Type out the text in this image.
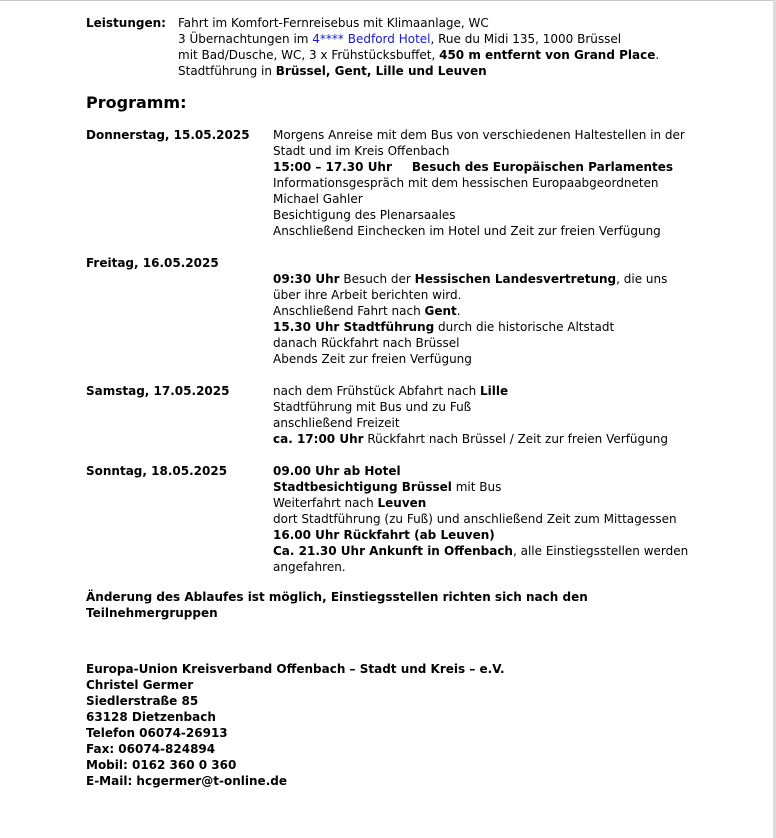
Leistungen:	Fahrt im Komfort-Fernreisebus mit Klimaanlage, WC
3 Übernachtungen im 4**** Bedford Hotel, Rue du Midi 135, 1000 Brüssel
mit Bad/Dusche, WC, 3 x Frühstücksbuffet, 450 m entfernt von Grand Place.
Stadtführung in Brüssel, Gent, Lille und Leuven
Programm:
Donnerstag, 15.05.2025	Morgens Anreise mit dem Bus von verschiedenen Haltestellen in der
Stadt und im Kreis Offenbach
15:00 – 17.30 Uhr Besuch des Europäischen Parlamentes
Informationsgespräch mit dem hessischen Europaabgeordneten
Michael Gahler
Besichtigung des Plenarsaales
Anschließend Einchecken im Hotel und Zeit zur freien Verfügung
Freitag, 16.05.2025
09:30 Uhr Besuch der Hessischen Landesvertretung, die uns
über ihre Arbeit berichten wird.
Anschließend Fahrt nach Gent.
15.30 Uhr Stadtführung durch die historische Altstadt
danach Rückfahrt nach Brüssel
Abends Zeit zur freien Verfügung
Samstag, 17.05.2025	nach dem Frühstück Abfahrt nach Lille
Stadtführung mit Bus und zu Fuß
anschließend Freizeit
ca. 17:00 Uhr Rückfahrt nach Brüssel / Zeit zur freien Verfügung
Sonntag, 18.05.2025	09.00 Uhr ab Hotel
Stadtbesichtigung Brüssel mit Bus
Weiterfahrt nach Leuven
dort Stadtführung (zu Fuß) und anschließend Zeit zum Mittagessen
16.00 Uhr Rückfahrt (ab Leuven)
Ca. 21.30 Uhr Ankunft in Offenbach, alle Einstiegsstellen werden
angefahren.
Änderung des Ablaufes ist möglich, Einstiegsstellen richten sich nach den
Teilnehmergruppen
Europa-Union Kreisverband Offenbach – Stadt und Kreis – e.V.
Christel Germer
Siedlerstraße 85
63128 Dietzenbach
Telefon 06074-26913
Fax: 06074-824894
Mobil: 0162 360 0 360
E-Mail: hcgermer@t-online.de
